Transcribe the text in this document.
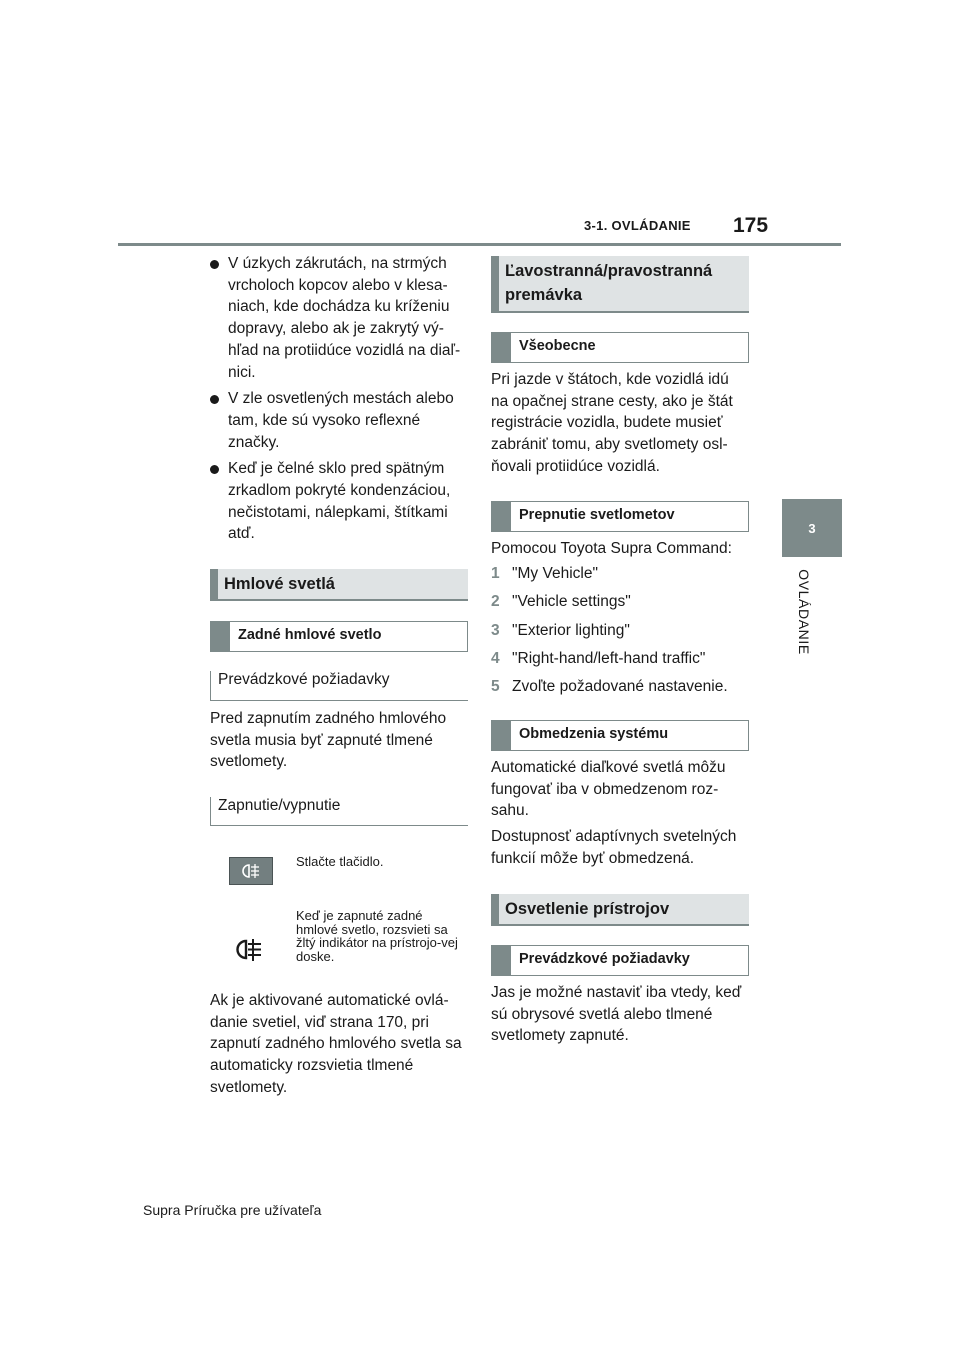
3-1. OVLÁDANIE 175
3
OVLÁDANIE
V úzkych zákrutách, na strmých vrcholoch kopcov alebo v klesa-niach, kde dochádza ku kríženiu dopravy, alebo ak je zakrytý vý-hľad na protiidúce vozidlá na diaľ-nici.
V zle osvetlených mestách alebo tam, kde sú vysoko reflexné značky.
Keď je čelné sklo pred spätným zrkadlom pokryté kondenzáciou, nečistotami, nálepkami, štítkami atď.
Hmlové svetlá
Zadné hmlové svetlo
Prevádzkové požiadavky

Pred zapnutím zadného hmlového svetla musia byť zapnuté tlmené svetlomety.

Zapnutie/vypnutie
Stlačte tlačidlo.
Keď je zapnuté zadné hmlové svetlo, rozsvieti sa žltý indikátor na prístrojo-vej doske.

Ak je aktivované automatické ovlá-danie svetiel, viď strana 170, pri zapnutí zadného hmlového svetla sa automaticky rozsvietia tlmené svetlomety.

Ľavostranná/pravostranná premávka
Všeobecne

Pri jazde v štátoch, kde vozidlá idú na opačnej strane cesty, ako je štát registrácie vozidla, budete musieť zabrániť tomu, aby svetlomety osl-ňovali protiidúce vozidlá.

Prepnutie svetlometov

Pomocou Toyota Supra Command:

1 "My Vehicle"
2 "Vehicle settings"
3 "Exterior lighting"
4 "Right-hand/left-hand traffic"
5 Zvoľte požadované nastavenie.
Obmedzenia systému

Automatické diaľkové svetlá môžu fungovať iba v obmedzenom roz-sahu.

Dostupnosť adaptívnych svetelných funkcií môže byť obmedzená.

Osvetlenie prístrojov
Prevádzkové požiadavky

Jas je možné nastaviť iba vtedy, keď sú obrysové svetlá alebo tlmené svetlomety zapnuté.

Supra Príručka pre užívateľa
